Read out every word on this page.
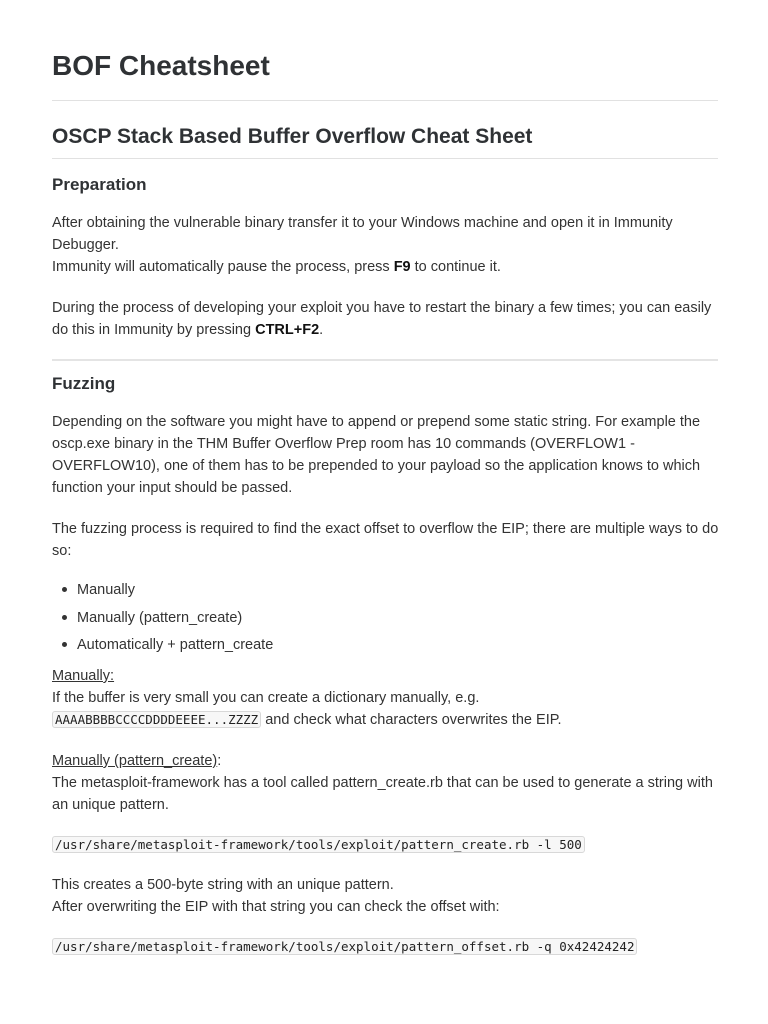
BOF Cheatsheet
OSCP Stack Based Buffer Overflow Cheat Sheet
Preparation

After obtaining the vulnerable binary transfer it to your Windows machine and open it in Immunity Debugger.
Immunity will automatically pause the process, press F9 to continue it.

During the process of developing your exploit you have to restart the binary a few times; you can easily do this in Immunity by pressing CTRL+F2.

Fuzzing

Depending on the software you might have to append or prepend some static string. For example the oscp.exe binary in the THM Buffer Overflow Prep room has 10 commands (OVERFLOW1 - OVERFLOW10), one of them has to be prepended to your payload so the application knows to which function your input should be passed.

The fuzzing process is required to find the exact offset to overflow the EIP; there are multiple ways to do so:

Manually
Manually (pattern_create)
Automatically + pattern_create

Manually:
If the buffer is very small you can create a dictionary manually, e.g.
AAAABBBBCCCCDDDDEEEE...ZZZZ and check what characters overwrites the EIP.

Manually (pattern_create):
The metasploit-framework has a tool called pattern_create.rb that can be used to generate a string with an unique pattern.

/usr/share/metasploit-framework/tools/exploit/pattern_create.rb -l 500

This creates a 500-byte string with an unique pattern.
After overwriting the EIP with that string you can check the offset with:

/usr/share/metasploit-framework/tools/exploit/pattern_offset.rb -q 0x42424242
